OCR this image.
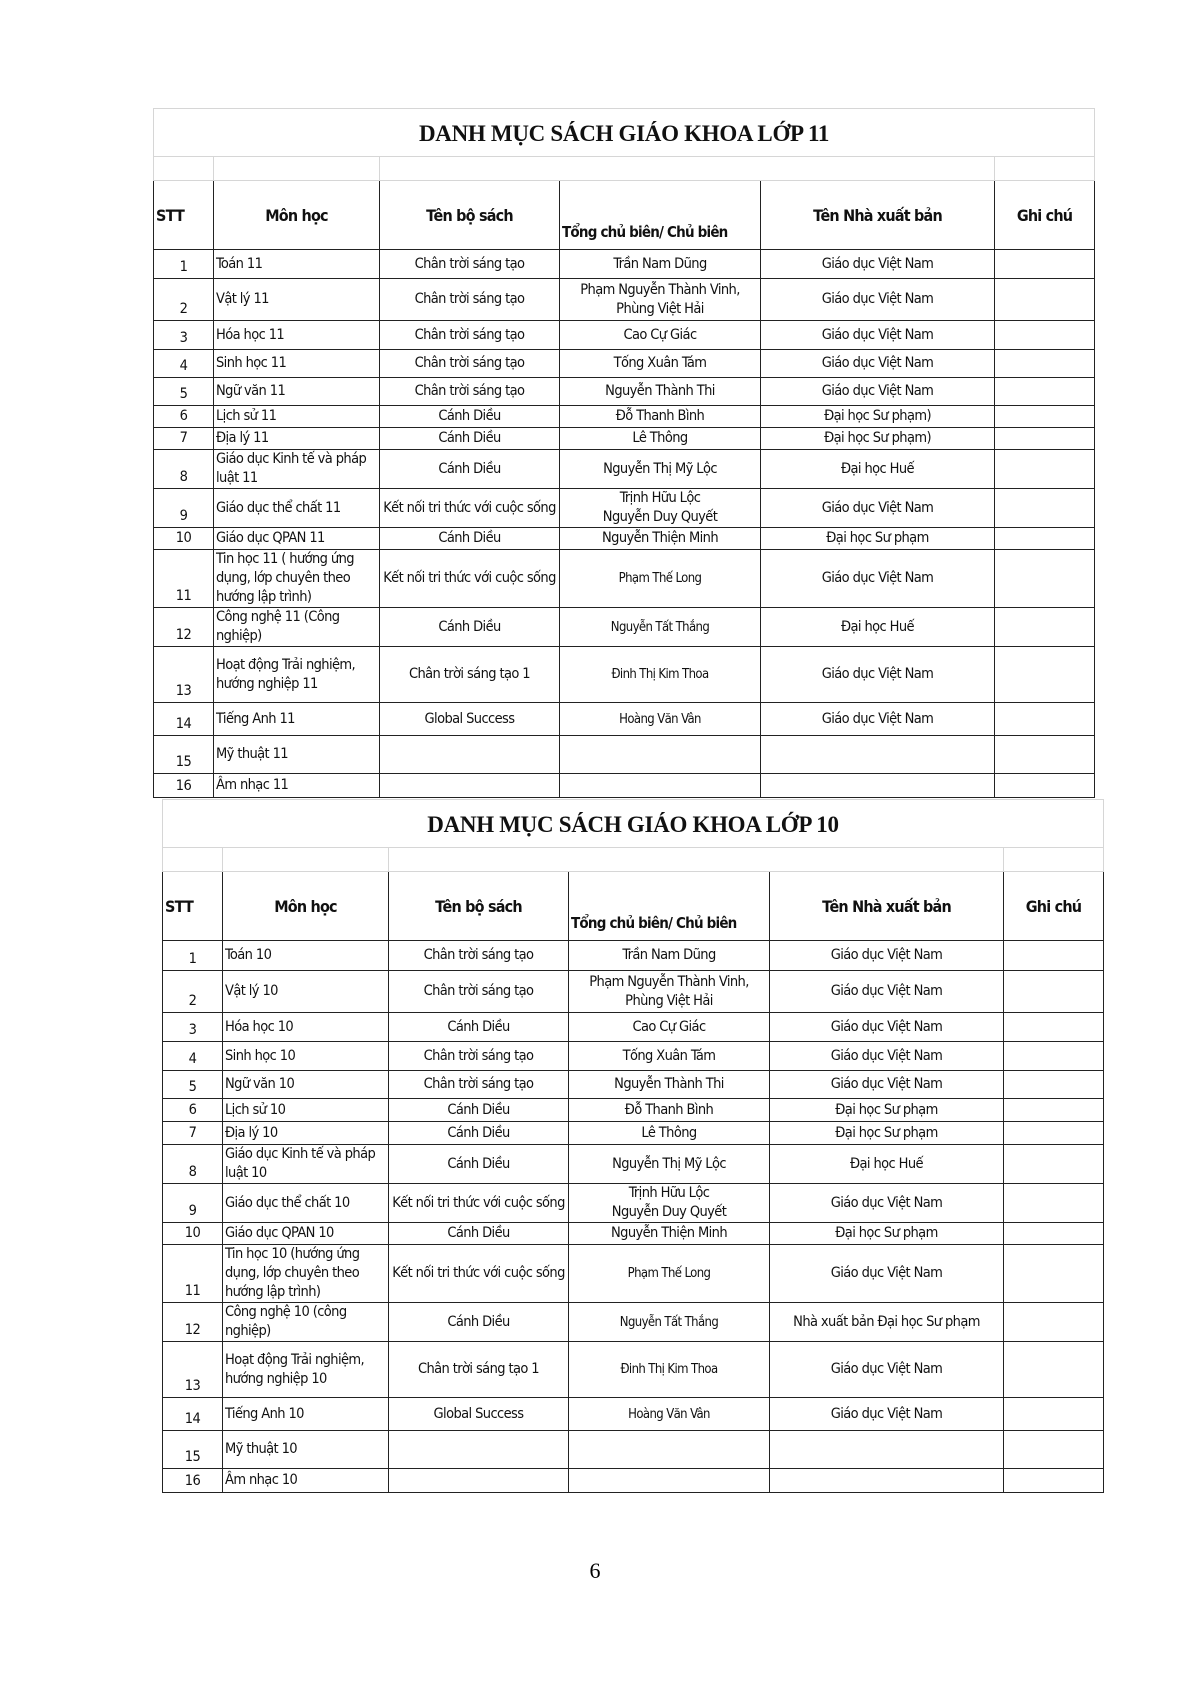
DANH MỤC SÁCH GIÁO KHOA LỚP 11					

STT	Môn học	Tên bộ sách	Tổng chủ biên/ Chủ biên	Tên Nhà xuất bản	Ghi chú
1	Toán 11	Chân trời sáng tạo	Trần Nam Dũng	Giáo dục Việt Nam	
2	Vật lý 11	Chân trời sáng tạo	Phạm Nguyễn Thành Vinh, Phùng Việt Hải	Giáo dục Việt Nam	
3	Hóa học 11	Chân trời sáng tạo	Cao Cự Giác	Giáo dục Việt Nam	
4	Sinh học 11	Chân trời sáng tạo	Tống Xuân Tám	Giáo dục Việt Nam	
5	Ngữ văn 11	Chân trời sáng tạo	Nguyễn Thành Thi	Giáo dục Việt Nam	
6	Lịch sử 11	Cánh Diều	Đỗ Thanh Bình	Đại học Sư phạm)	
7	Địa lý 11	Cánh Diều	Lê Thông	Đại học Sư phạm)	
8	Giáo dục Kinh tế và pháp luật 11	Cánh Diều	Nguyễn Thị Mỹ Lộc	Đại học Huế	
9	Giáo dục thể chất 11	Kết nối tri thức với cuộc sống	Trịnh Hữu Lộc
Nguyễn Duy Quyết	Giáo dục Việt Nam	
10	Giáo dục QPAN 11	Cánh Diều	Nguyễn Thiện Minh	Đại học Sư phạm	
11	Tin học 11 ( hướng ứng dụng, lớp chuyên theo hướng lập trình)	Kết nối tri thức với cuộc sống	Phạm Thế Long	Giáo dục Việt Nam	
12	Công nghệ 11 (Công nghiệp)	Cánh Diều	Nguyễn Tất Thắng	Đại học Huế	
13	Hoạt động Trải nghiệm, hướng nghiệp 11	Chân trời sáng tạo 1	Đinh Thị Kim Thoa	Giáo dục Việt Nam	
14	Tiếng Anh 11	Global Success	Hoàng Văn Vân	Giáo dục Việt Nam	
15	Mỹ thuật 11				
16	Âm nhạc 11				
DANH MỤC SÁCH GIÁO KHOA LỚP 10					

STT	Môn học	Tên bộ sách	Tổng chủ biên/ Chủ biên	Tên Nhà xuất bản	Ghi chú
1	Toán 10	Chân trời sáng tạo	Trần Nam Dũng	Giáo dục Việt Nam	
2	Vật lý 10	Chân trời sáng tạo	Phạm Nguyễn Thành Vinh, Phùng Việt Hải	Giáo dục Việt Nam	
3	Hóa học 10	Cánh Diều	Cao Cự Giác	Giáo dục Việt Nam	
4	Sinh học 10	Chân trời sáng tạo	Tống Xuân Tám	Giáo dục Việt Nam	
5	Ngữ văn 10	Chân trời sáng tạo	Nguyễn Thành Thi	Giáo dục Việt Nam	
6	Lịch sử 10	Cánh Diều	Đỗ Thanh Bình	Đại học Sư phạm	
7	Địa lý 10	Cánh Diều	Lê Thông	Đại học Sư phạm	
8	Giáo dục Kinh tế và pháp luật 10	Cánh Diều	Nguyễn Thị Mỹ Lộc	Đại học Huế	
9	Giáo dục thể chất 10	Kết nối tri thức với cuộc sống	Trịnh Hữu Lộc
Nguyễn Duy Quyết	Giáo dục Việt Nam	
10	Giáo dục QPAN 10	Cánh Diều	Nguyễn Thiện Minh	Đại học Sư phạm	
11	Tin học 10 (hướng ứng dụng, lớp chuyên theo hướng lập trình)	Kết nối tri thức với cuộc sống	Phạm Thế Long	Giáo dục Việt Nam	
12	Công nghệ 10 (công nghiệp)	Cánh Diều	Nguyễn Tất Thắng	Nhà xuất bản Đại học Sư phạm	
13	Hoạt động Trải nghiệm, hướng nghiệp 10	Chân trời sáng tạo 1	Đinh Thị Kim Thoa	Giáo dục Việt Nam	
14	Tiếng Anh 10	Global Success	Hoàng Văn Vân	Giáo dục Việt Nam	
15	Mỹ thuật 10				
16	Âm nhạc 10				
6
